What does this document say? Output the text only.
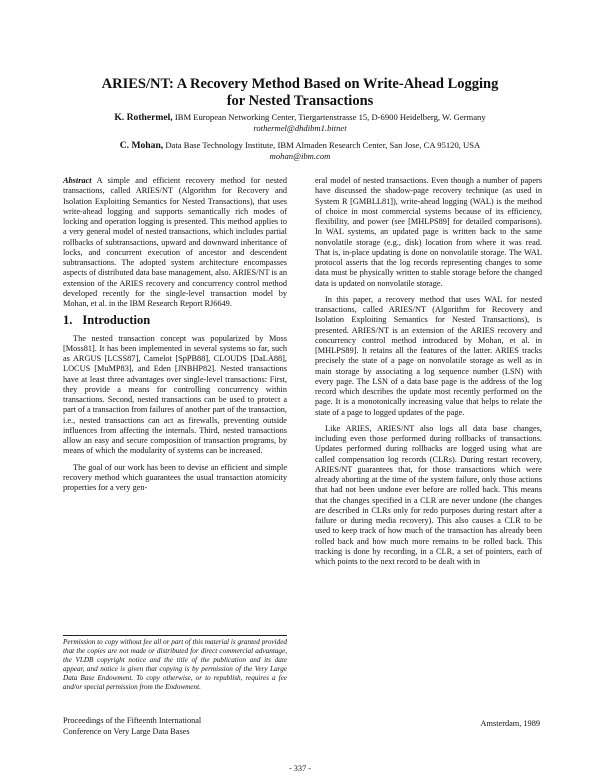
ARIES/NT: A Recovery Method Based on Write-Ahead Logging
for Nested Transactions
K. Rothermel, IBM European Networking Center, Tiergartenstrasse 15, D-6900 Heidelberg, W. Germany
rothermel@dhdibm1.bitnet
C. Mohan, Data Base Technology Institute, IBM Almaden Research Center, San Jose, CA 95120, USA
mohan@ibm.com

Abstract A simple and efficient recovery method for nested transactions, called ARIES/NT (Algorithm for Recovery and Isolation Exploiting Semantics for Nested Transactions), that uses write-ahead logging and supports semantically rich modes of locking and operation logging is presented. This method applies to a very general model of nested transactions, which includes partial rollbacks of subtransactions, upward and downward inheritance of locks, and concurrent execution of ancestor and descendent subtransactions. The adopted system architecture encompasses aspects of distributed data base management, also. ARIES/NT is an extension of the ARIES recovery and concurrency control method developed recently for the single-level transaction model by Mohan, et al. in the IBM Research Report RJ6649.

1. Introduction

The nested transaction concept was popularized by Moss [Moss81]. It has been implemented in several systems so far, such as ARGUS [LCSS87], Camelot [SpPB88], CLOUDS [DaLA88], LOCUS [MuMP83], and Eden [JNBHP82]. Nested transactions have at least three advantages over single-level transactions: First, they provide a means for controlling concurrency within transactions. Second, nested transactions can be used to protect a part of a transaction from failures of another part of the transaction, i.e., nested transactions can act as firewalls, preventing outside influences from affecting the internals. Third, nested transactions allow an easy and secure composition of transaction programs, by means of which the modularity of systems can be increased.

The goal of our work has been to devise an efficient and simple recovery method which guarantees the usual transaction atomicity properties for a very gen-

eral model of nested transactions. Even though a number of papers have discussed the shadow-page recovery technique (as used in System R [GMBLL81]), write-ahead logging (WAL) is the method of choice in most commercial systems because of its efficiency, flexibility, and power (see [MHLPS89] for detailed comparisons). In WAL systems, an updated page is written back to the same nonvolatile storage (e.g., disk) location from where it was read. That is, in-place updating is done on nonvolatile storage. The WAL protocol asserts that the log records representing changes to some data must be physically written to stable storage before the changed data is updated on nonvolatile storage.

In this paper, a recovery method that uses WAL for nested transactions, called ARIES/NT (Algorithm for Recovery and Isolation Exploiting Semantics for Nested Transactions), is presented. ARIES/NT is an extension of the ARIES recovery and concurrency control method introduced by Mohan, et al. in [MHLPS89]. It retains all the features of the latter. ARIES tracks precisely the state of a page on nonvolatile storage as well as in main storage by associating a log sequence number (LSN) with every page. The LSN of a data base page is the address of the log record which describes the update most recently performed on the page. It is a monotonically increasing value that helps to relate the state of a page to logged updates of the page.

Like ARIES, ARIES/NT also logs all data base changes, including even those performed during rollbacks of transactions. Updates performed during rollbacks are logged using what are called compensation log records (CLRs). During restart recovery, ARIES/NT guarantees that, for those transactions which were already aborting at the time of the system failure, only those actions that had not been undone ever before are rolled back. This means that the changes specified in a CLR are never undone (the changes are described in CLRs only for redo purposes during restart after a failure or during media recovery). This also causes a CLR to be used to keep track of how much of the transaction has already been rolled back and how much more remains to be rolled back. This tracking is done by recording, in a CLR, a set of pointers, each of which points to the next record to be dealt with in

Permission to copy without fee all or part of this material is granted provided that the copies are not made or distributed for direct commercial advantage, the VLDB copyright notice and the title of the publication and its date appear, and notice is given that copying is by permission of the Very Large Data Base Endowment. To copy otherwise, or to republish, requires a fee and/or special permission from the Endowment.
Proceedings of the Fifteenth International
Conference on Very Large Data Bases
Amsterdam, 1989
- 337 -
